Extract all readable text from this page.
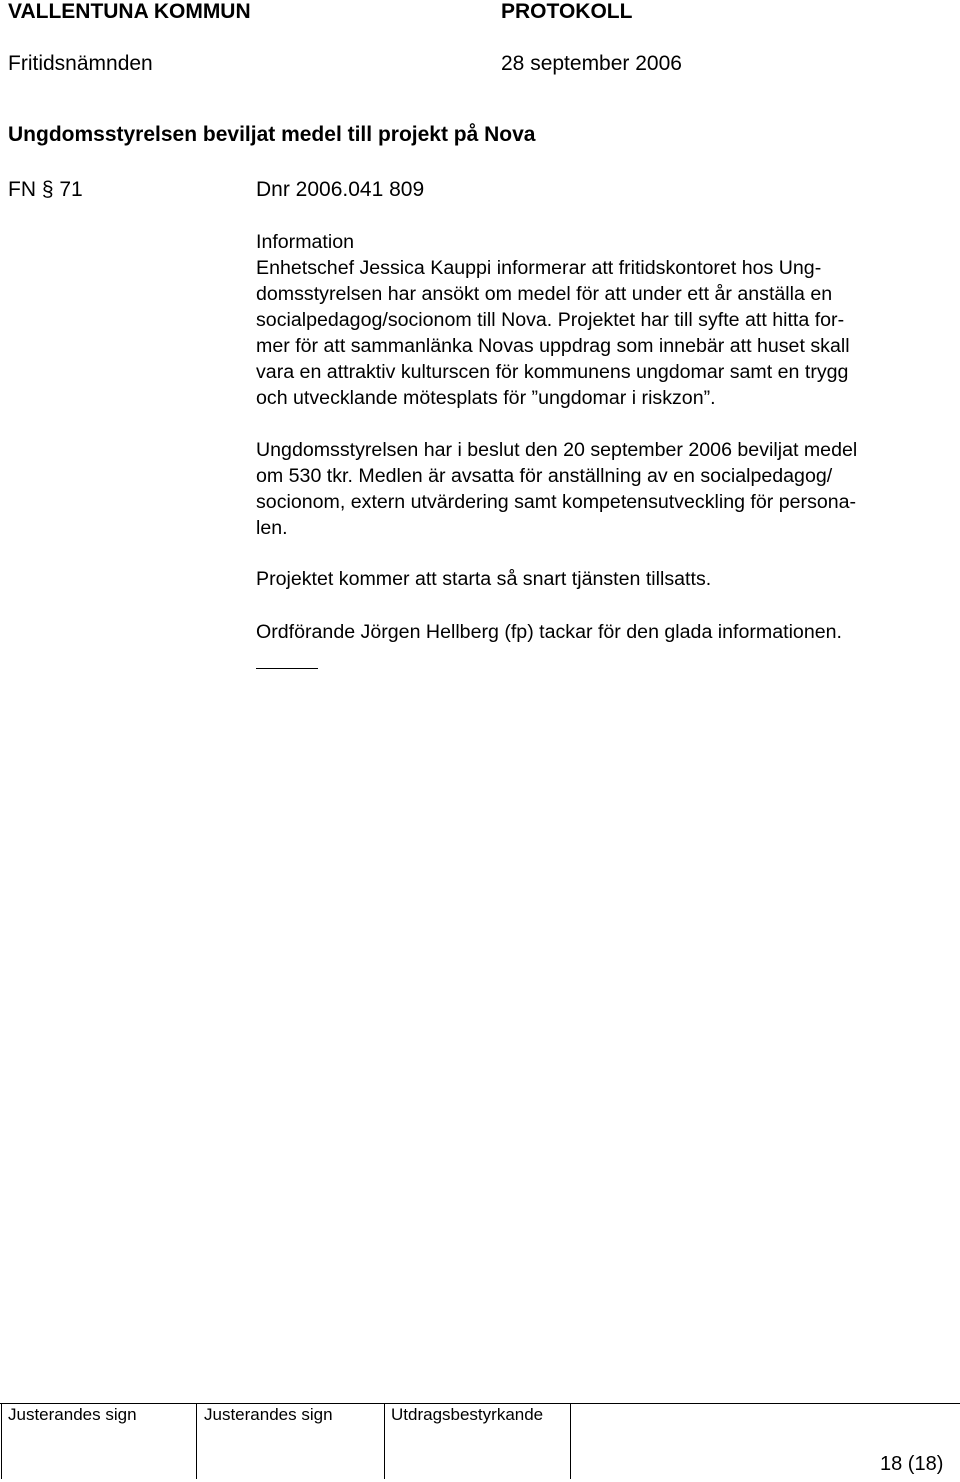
VALLENTUNA KOMMUN	PROTOKOLL
Fritidsnämnden	28 september 2006
Ungdomsstyrelsen beviljat medel till projekt på Nova
FN § 71	Dnr 2006.041 809
Information
Enhetschef Jessica Kauppi informerar att fritidskontoret hos Ung-
domsstyrelsen har ansökt om medel för att under ett år anställa en
socialpedagog/socionom till Nova. Projektet har till syfte att hitta for-
mer för att sammanlänka Novas uppdrag som innebär att huset skall
vara en attraktiv kulturscen för kommunens ungdomar samt en trygg
och utvecklande mötesplats för ”ungdomar i riskzon”.
Ungdomsstyrelsen har i beslut den 20 september 2006 beviljat medel
om 530 tkr. Medlen är avsatta för anställning av en socialpedagog/
socionom, extern utvärdering samt kompetensutveckling för persona-
len.
Projektet kommer att starta så snart tjänsten tillsatts.
Ordförande Jörgen Hellberg (fp) tackar för den glada informationen.
Justerandes sign	Justerandes sign	Utdragsbestyrkande
18 (18)
